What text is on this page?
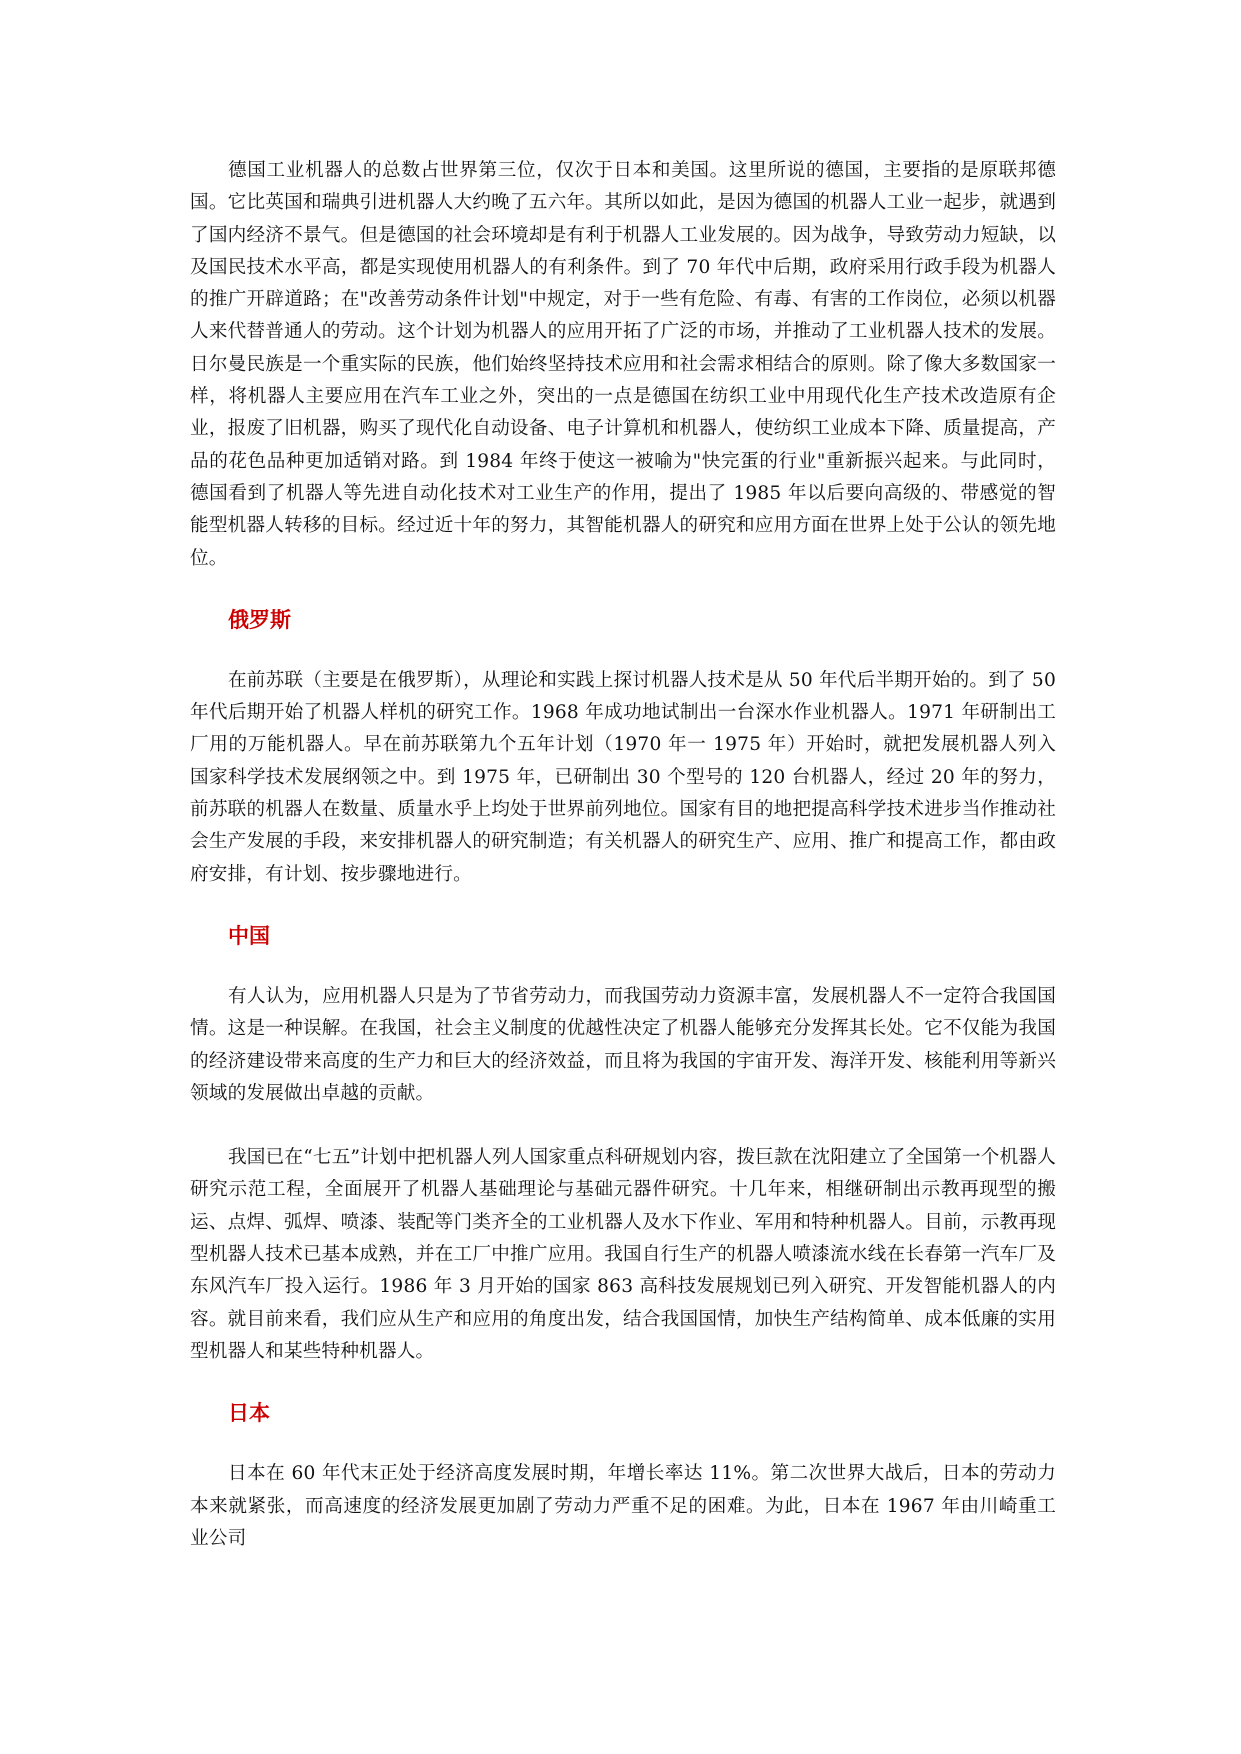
德国工业机器人的总数占世界第三位，仅次于日本和美国。这里所说的德国，主要指的是原联邦德国。它比英国和瑞典引进机器人大约晚了五六年。其所以如此，是因为德国的机器人工业一起步，就遇到了国内经济不景气。但是德国的社会环境却是有利于机器人工业发展的。因为战争，导致劳动力短缺，以及国民技术水平高，都是实现使用机器人的有利条件。到了 70 年代中后期，政府采用行政手段为机器人的推广开辟道路；在"改善劳动条件计划"中规定，对于一些有危险、有毒、有害的工作岗位，必须以机器人来代替普通人的劳动。这个计划为机器人的应用开拓了广泛的市场，并推动了工业机器人技术的发展。日尔曼民族是一个重实际的民族，他们始终坚持技术应用和社会需求相结合的原则。除了像大多数国家一样，将机器人主要应用在汽车工业之外，突出的一点是德国在纺织工业中用现代化生产技术改造原有企业，报废了旧机器，购买了现代化自动设备、电子计算机和机器人，使纺织工业成本下降、质量提高，产品的花色品种更加适销对路。到 1984 年终于使这一被喻为"快完蛋的行业"重新振兴起来。与此同时，德国看到了机器人等先进自动化技术对工业生产的作用，提出了 1985 年以后要向高级的、带感觉的智能型机器人转移的目标。经过近十年的努力，其智能机器人的研究和应用方面在世界上处于公认的领先地位。

俄罗斯

在前苏联（主要是在俄罗斯），从理论和实践上探讨机器人技术是从 50 年代后半期开始的。到了 50 年代后期开始了机器人样机的研究工作。1968 年成功地试制出一台深水作业机器人。1971 年研制出工厂用的万能机器人。早在前苏联第九个五年计划（1970 年一 1975 年）开始时，就把发展机器人列入国家科学技术发展纲领之中。到 1975 年，已研制出 30 个型号的 120 台机器人，经过 20 年的努力，前苏联的机器人在数量、质量水乎上均处于世界前列地位。国家有目的地把提高科学技术进步当作推动社会生产发展的手段，来安排机器人的研究制造；有关机器人的研究生产、应用、推广和提高工作，都由政府安排，有计划、按步骤地进行。

中国

有人认为，应用机器人只是为了节省劳动力，而我国劳动力资源丰富，发展机器人不一定符合我国国情。这是一种误解。在我国，社会主义制度的优越性决定了机器人能够充分发挥其长处。它不仅能为我国的经济建设带来高度的生产力和巨大的经济效益，而且将为我国的宇宙开发、海洋开发、核能利用等新兴领域的发展做出卓越的贡献。

我国已在“七五”计划中把机器人列人国家重点科研规划内容，拨巨款在沈阳建立了全国第一个机器人研究示范工程，全面展开了机器人基础理论与基础元器件研究。十几年来，相继研制出示教再现型的搬运、点焊、弧焊、喷漆、装配等门类齐全的工业机器人及水下作业、军用和特种机器人。目前，示教再现型机器人技术已基本成熟，并在工厂中推广应用。我国自行生产的机器人喷漆流水线在长春第一汽车厂及东风汽车厂投入运行。1986 年 3 月开始的国家 863 高科技发展规划已列入研究、开发智能机器人的内容。就目前来看，我们应从生产和应用的角度出发，结合我国国情，加快生产结构简单、成本低廉的实用型机器人和某些特种机器人。

日本

日本在 60 年代末正处于经济高度发展时期，年增长率达 11%。第二次世界大战后，日本的劳动力本来就紧张，而高速度的经济发展更加剧了劳动力严重不足的困难。为此，日本在 1967 年由川崎重工业公司
